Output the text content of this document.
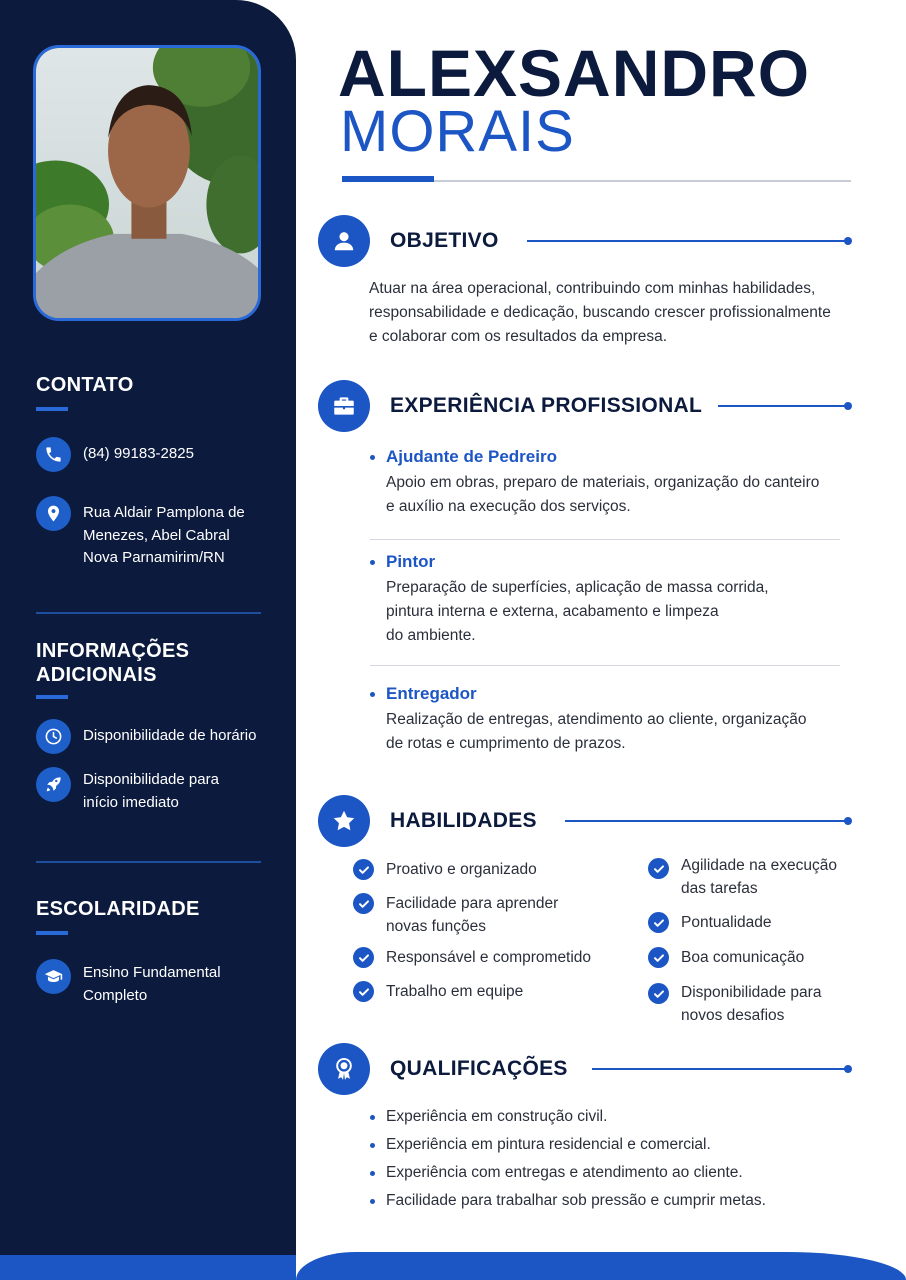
CONTATO
(84) 99183-2825
Rua Aldair Pamplona de
Menezes, Abel Cabral
Nova Parnamirim/RN
INFORMAÇÕES
ADICIONAIS
Disponibilidade de horário
Disponibilidade para
início imediato
ESCOLARIDADE
Ensino Fundamental
Completo
ALEXSANDRO
MORAIS
OBJETIVO
Atuar na área operacional, contribuindo com minhas habilidades,
responsabilidade e dedicação, buscando crescer profissionalmente
e colaborar com os resultados da empresa.
EXPERIÊNCIA PROFISSIONAL
Ajudante de Pedreiro
Apoio em obras, preparo de materiais, organização do canteiro
e auxílio na execução dos serviços.
Pintor
Preparação de superfícies, aplicação de massa corrida,
pintura interna e externa, acabamento e limpeza
do ambiente.
Entregador
Realização de entregas, atendimento ao cliente, organização
de rotas e cumprimento de prazos.
HABILIDADES
Proativo e organizado
Facilidade para aprender
novas funções
Responsável e comprometido
Trabalho em equipe
Agilidade na execução
das tarefas
Pontualidade
Boa comunicação
Disponibilidade para
novos desafios
QUALIFICAÇÕES
Experiência em construção civil.
Experiência em pintura residencial e comercial.
Experiência com entregas e atendimento ao cliente.
Facilidade para trabalhar sob pressão e cumprir metas.
